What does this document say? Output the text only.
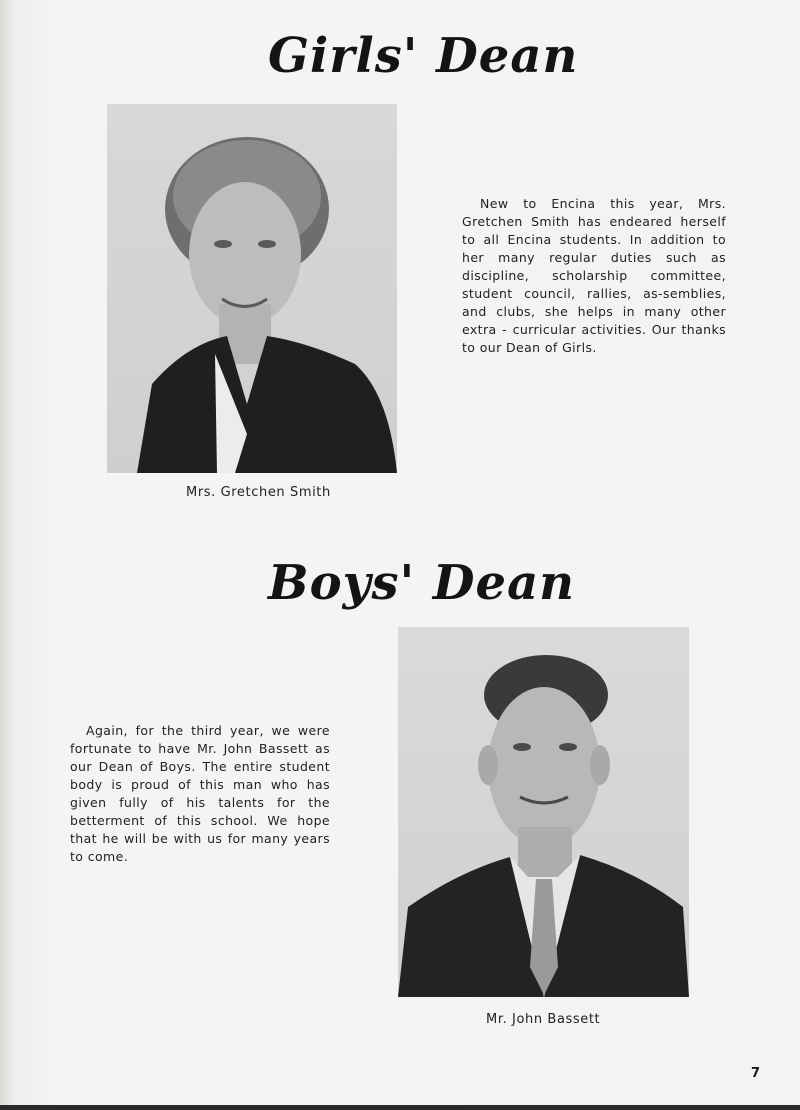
Girls' Dean
New to Encina this year, Mrs. Gretchen Smith has endeared herself to all Encina students. In addition to her many regular duties such as discipline, scholarship committee, student council, rallies, as-semblies, and clubs, she helps in many other extra - curricular activities. Our thanks to our Dean of Girls.
Mrs. Gretchen Smith
Boys' Dean
Again, for the third year, we were fortunate to have Mr. John Bassett as our Dean of Boys. The entire student body is proud of this man who has given fully of his talents for the betterment of this school. We hope that he will be with us for many years to come.
Mr. John Bassett
7
